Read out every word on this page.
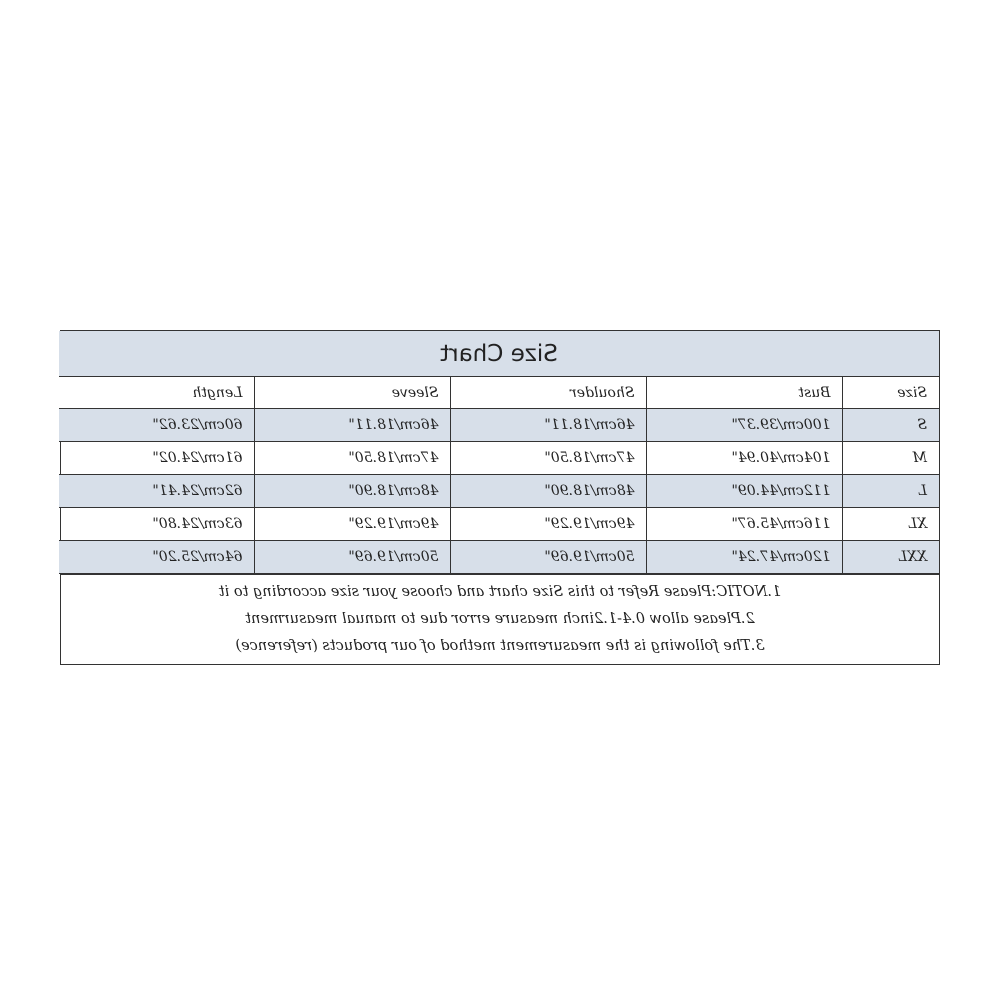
Size Chart				
Size	Bust	Shoulder	Sleeve	Length
S	100cm/39.37"	46cm/18.11"	46cm/18.11"	60cm/23.62"
M	104cm/40.94"	47cm/18.50"	47cm/18.50"	61cm/24.02"
L	112cm/44.09"	48cm/18.90"	48cm/18.90"	62cm/24.41"
XL	116cm/45.67"	49cm/19.29"	49cm/19.29"	63cm/24.80"
XXL	120cm/47.24"	50cm/19.69"	50cm/19.69"	64cm/25.20"
1.NOTIC:Please Refer to this Size chart and choose your size according to it
2.Please allow 0.4-1.2inch measure error due to manual measurment
3.The following is the measurement method of our products (reference)
